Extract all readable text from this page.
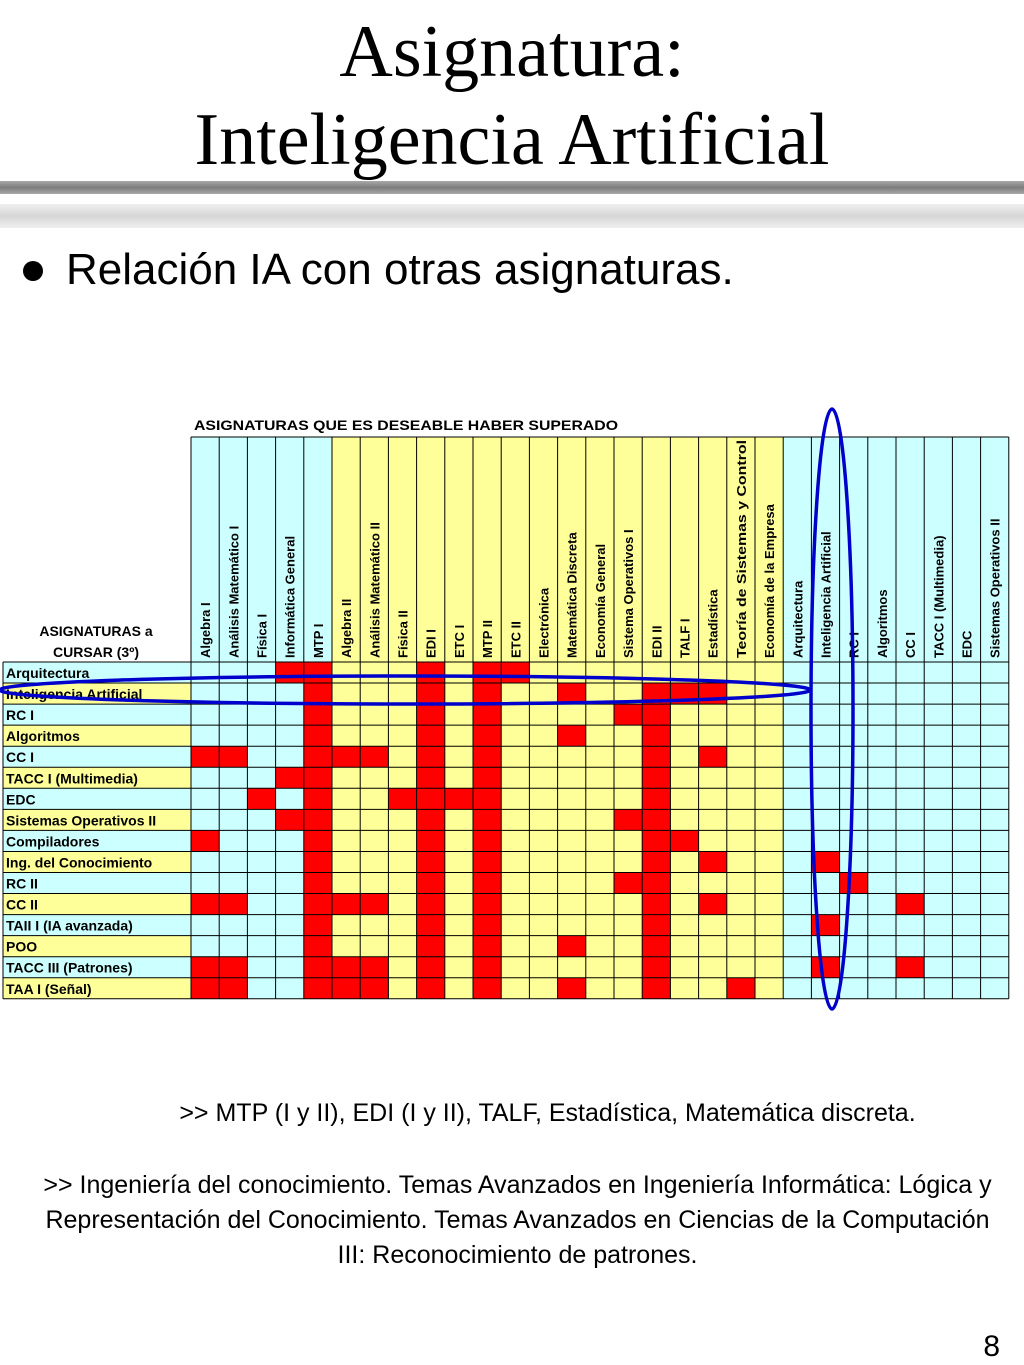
Asignatura:
Inteligencia Artificial
Relación IA con otras asignaturas.
ASIGNATURAS QUE ES DESEABLE HABER SUPERADO
ASIGNATURAS a
CURSAR (3º)	Algebra I Análisis Matemático I Física I Informática General MTP I Algebra II Análisis Matemático II Física II EDI I ETC I MTP II ETC II Electrónica Matemática Discreta Economía General Sistema Operativos I EDI II TALF I Estadística Teoría de Sistemas y Control Economía de la Empresa Arquitectura Inteligencia Artificial RC I Algoritmos CC I TACC I (Multimedia) EDC Sistemas Operativos II
Arquitectura
Inteligencia Artificial
RC I
Algoritmos
CC I
TACC I (Multimedia)
EDC
Sistemas Operativos II
Compiladores
Ing. del Conocimiento
RC II
CC II
TAII I (IA avanzada)
POO
TACC III (Patrones)
TAA I (Señal)
>> MTP (I y II), EDI (I y II), TALF, Estadística, Matemática discreta.
>> Ingeniería del conocimiento. Temas Avanzados en Ingeniería Informática: Lógica y Representación del Conocimiento. Temas Avanzados en Ciencias de la Computación III: Reconocimiento de patrones.
8
